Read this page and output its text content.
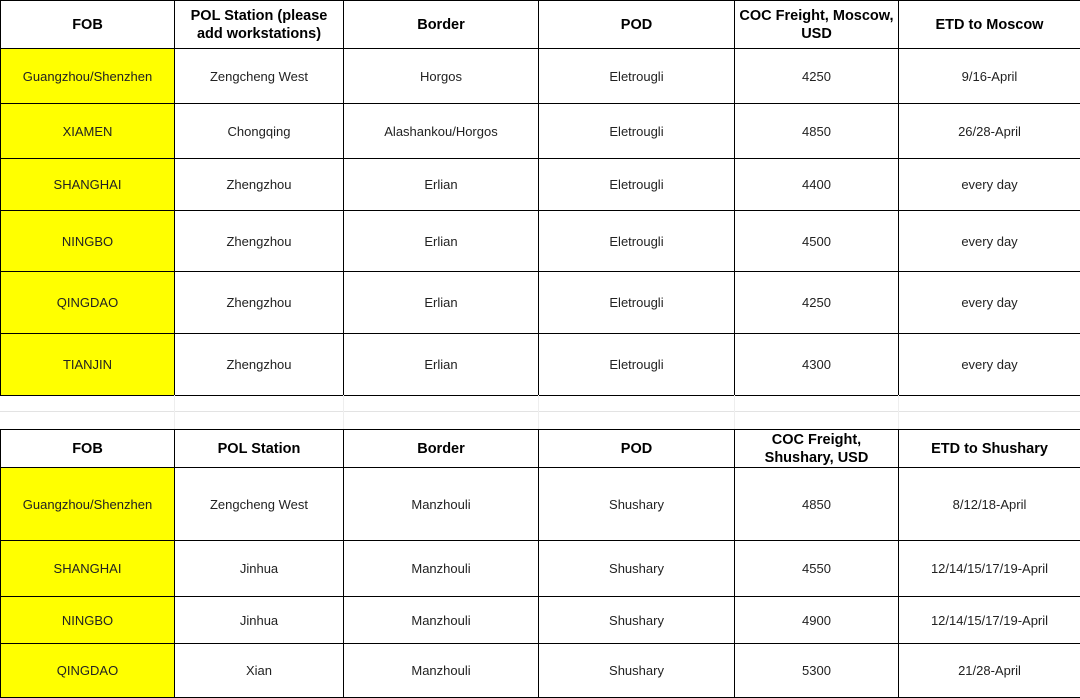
FOB	POL Station (please add workstations)	Border	POD	COC Freight, Moscow, USD	ETD to Moscow
Guangzhou/Shenzhen	Zengcheng West	Horgos	Eletrougli	4250	9/16-April
XIAMEN	Chongqing	Alashankou/Horgos	Eletrougli	4850	26/28-April
SHANGHAI	Zhengzhou	Erlian	Eletrougli	4400	every day
NINGBO	Zhengzhou	Erlian	Eletrougli	4500	every day
QINGDAO	Zhengzhou	Erlian	Eletrougli	4250	every day
TIANJIN	Zhengzhou	Erlian	Eletrougli	4300	every day
FOB	POL Station	Border	POD	COC Freight, Shushary, USD	ETD to Shushary
Guangzhou/Shenzhen	Zengcheng West	Manzhouli	Shushary	4850	8/12/18-April
SHANGHAI	Jinhua	Manzhouli	Shushary	4550	12/14/15/17/19-April
NINGBO	Jinhua	Manzhouli	Shushary	4900	12/14/15/17/19-April
QINGDAO	Xian	Manzhouli	Shushary	5300	21/28-April
